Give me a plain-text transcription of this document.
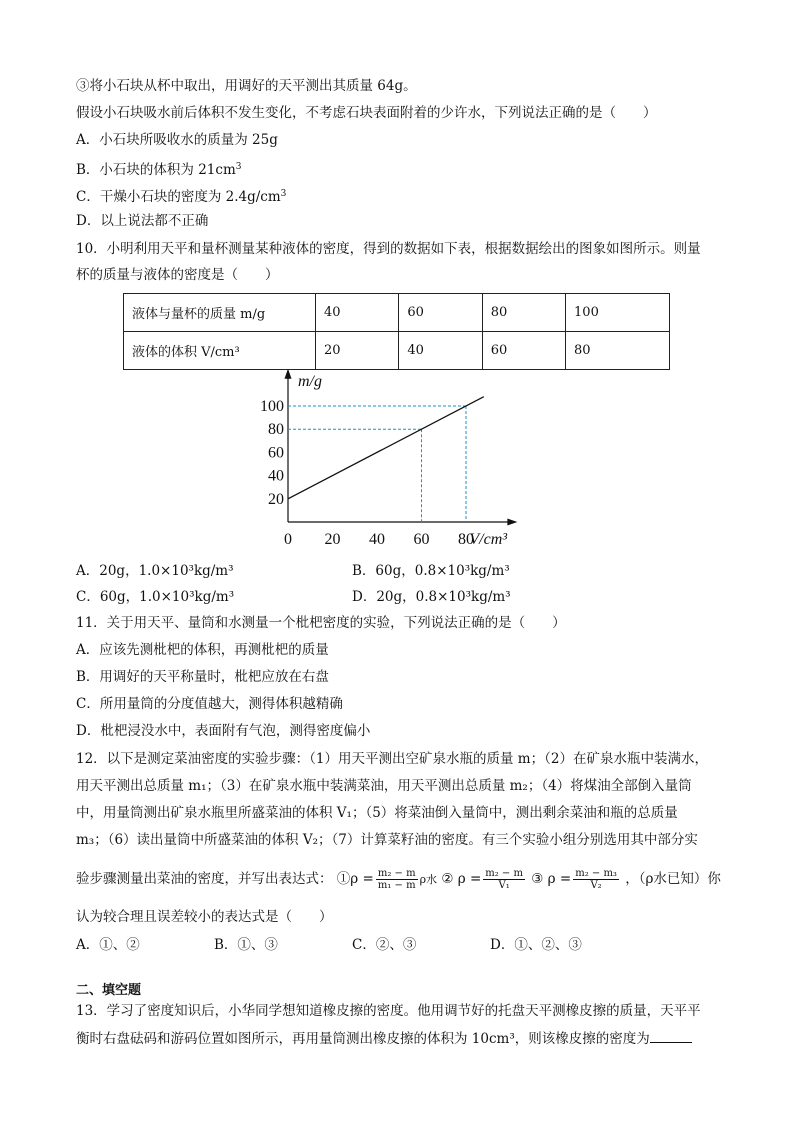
③将小石块从杯中取出，用调好的天平测出其质量 64g。
假设小石块吸水前后体积不发生变化，不考虑石块表面附着的少许水，下列说法正确的是（　　）
A．小石块所吸收水的质量为 25g
B．小石块的体积为 $21cm^3$
C．干燥小石块的密度为 $2.4g/cm^3$
D．以上说法都不正确
10．小明利用天平和量杯测量某种液体的密度，得到的数据如下表，根据数据绘出的图象如图所示。则量
杯的质量与液体的密度是（　　）
液体与量杯的质量 m/g	40	60	80	100
液体的体积 V/cm³	20	40	60	80
0 20 40 60 80
20
40
60
80
100
m/g
V/cm³
A．20g，1.0×10³kg/m³	B．60g，0.8×10³kg/m³
C．60g，1.0×10³kg/m³	D．20g，0.8×10³kg/m³
11．关于用天平、量筒和水测量一个枇杷密度的实验，下列说法正确的是（　　）
A．应该先测枇杷的体积，再测枇杷的质量
B．用调好的天平称量时，枇杷应放在右盘
C．所用量筒的分度值越大，测得体积越精确
D．枇杷浸没水中，表面附有气泡，测得密度偏小
12．以下是测定菜油密度的实验步骤：（1）用天平测出空矿泉水瓶的质量 m；（2）在矿泉水瓶中装满水，
用天平测出总质量 m₁；（3）在矿泉水瓶中装满菜油，用天平测出总质量 m₂；（4）将煤油全部倒入量筒
中，用量筒测出矿泉水瓶里所盛菜油的体积 V₁；（5）将菜油倒入量筒中，测出剩余菜油和瓶的总质量
m₃；（6）读出量筒中所盛菜油的体积 V₂；（7）计算菜籽油的密度。有三个实验小组分别选用其中部分实
验步骤测量出菜油的密度，并写出表达式： ①ρ = $\frac{\text{m₂ − m}}{\text{m₁ − m}}$ ρ水 ② $\rho = \frac{\text{m₂ − m}}{\text{V₁}}$ ③ $\rho = \frac{\text{m₂ − m₃}}{\text{V₂}}$ ，（ρ水已知）你
认为较合理且误差较小的表达式是（　　）
A．①、②	B．①、③	C．②、③	D．①、②、③
二、填空题
13．学习了密度知识后，小华同学想知道橡皮擦的密度。他用调节好的托盘天平测橡皮擦的质量，天平平
衡时右盘砝码和游码位置如图所示，再用量筒测出橡皮擦的体积为 10cm³，则该橡皮擦的密度为
